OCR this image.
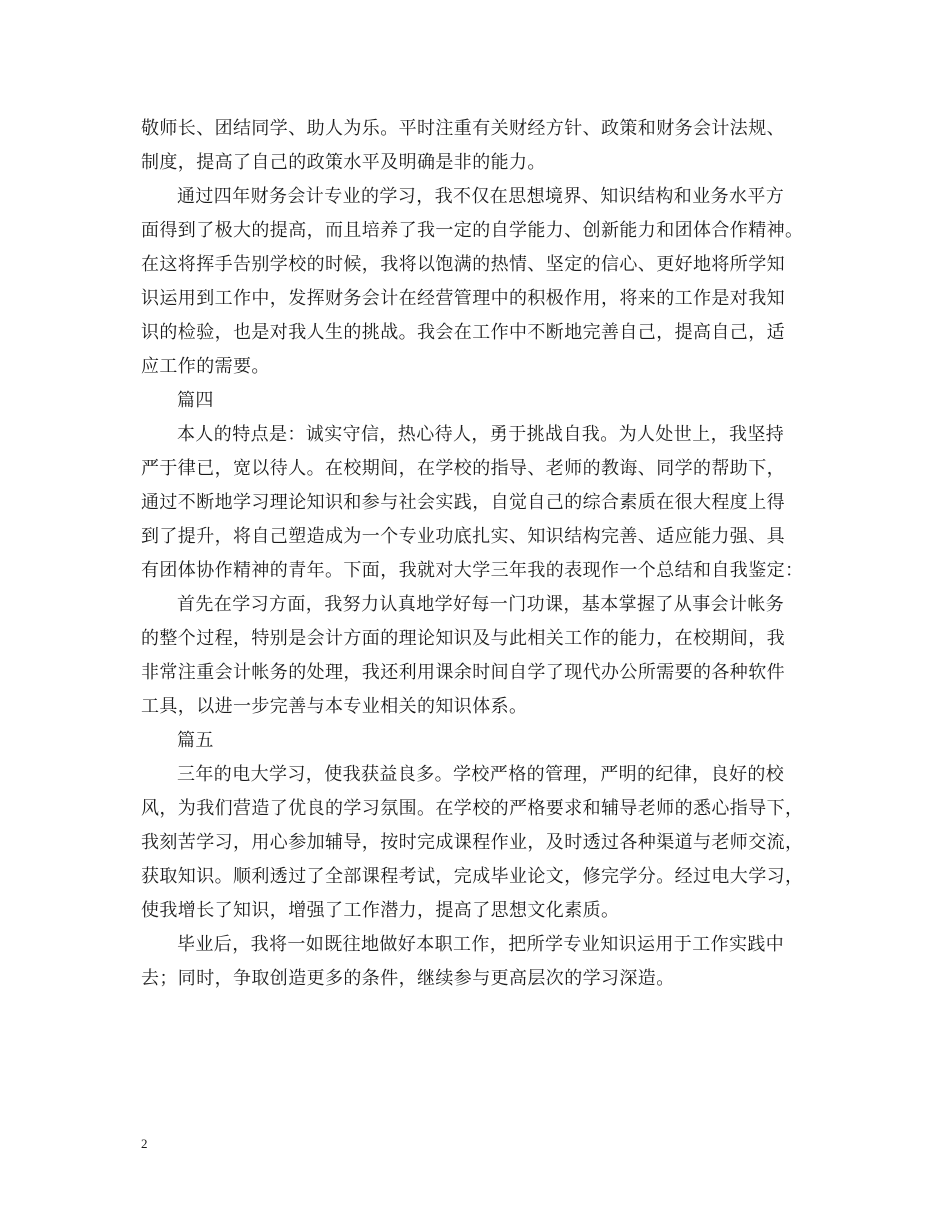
敬师长、团结同学、助人为乐。平时注重有关财经方针、政策和财务会计法规、
制度，提高了自己的政策水平及明确是非的能力。
通过四年财务会计专业的学习，我不仅在思想境界、知识结构和业务水平方
面得到了极大的提高，而且培养了我一定的自学能力、创新能力和团体合作精神。
在这将挥手告别学校的时候，我将以饱满的热情、坚定的信心、更好地将所学知
识运用到工作中，发挥财务会计在经营管理中的积极作用，将来的工作是对我知
识的检验，也是对我人生的挑战。我会在工作中不断地完善自己，提高自己，适
应工作的需要。
篇四
本人的特点是：诚实守信，热心待人，勇于挑战自我。为人处世上，我坚持
严于律已，宽以待人。在校期间，在学校的指导、老师的教诲、同学的帮助下，
通过不断地学习理论知识和参与社会实践，自觉自己的综合素质在很大程度上得
到了提升，将自己塑造成为一个专业功底扎实、知识结构完善、适应能力强、具
有团体协作精神的青年。下面，我就对大学三年我的表现作一个总结和自我鉴定：
首先在学习方面，我努力认真地学好每一门功课，基本掌握了从事会计帐务
的整个过程，特别是会计方面的理论知识及与此相关工作的能力，在校期间，我
非常注重会计帐务的处理，我还利用课余时间自学了现代办公所需要的各种软件
工具，以进一步完善与本专业相关的知识体系。
篇五
三年的电大学习，使我获益良多。学校严格的管理，严明的纪律，良好的校
风，为我们营造了优良的学习氛围。在学校的严格要求和辅导老师的悉心指导下，
我刻苦学习，用心参加辅导，按时完成课程作业，及时透过各种渠道与老师交流，
获取知识。顺利透过了全部课程考试，完成毕业论文，修完学分。经过电大学习，
使我增长了知识，增强了工作潜力，提高了思想文化素质。
毕业后，我将一如既往地做好本职工作，把所学专业知识运用于工作实践中
去；同时，争取创造更多的条件，继续参与更高层次的学习深造。
2
